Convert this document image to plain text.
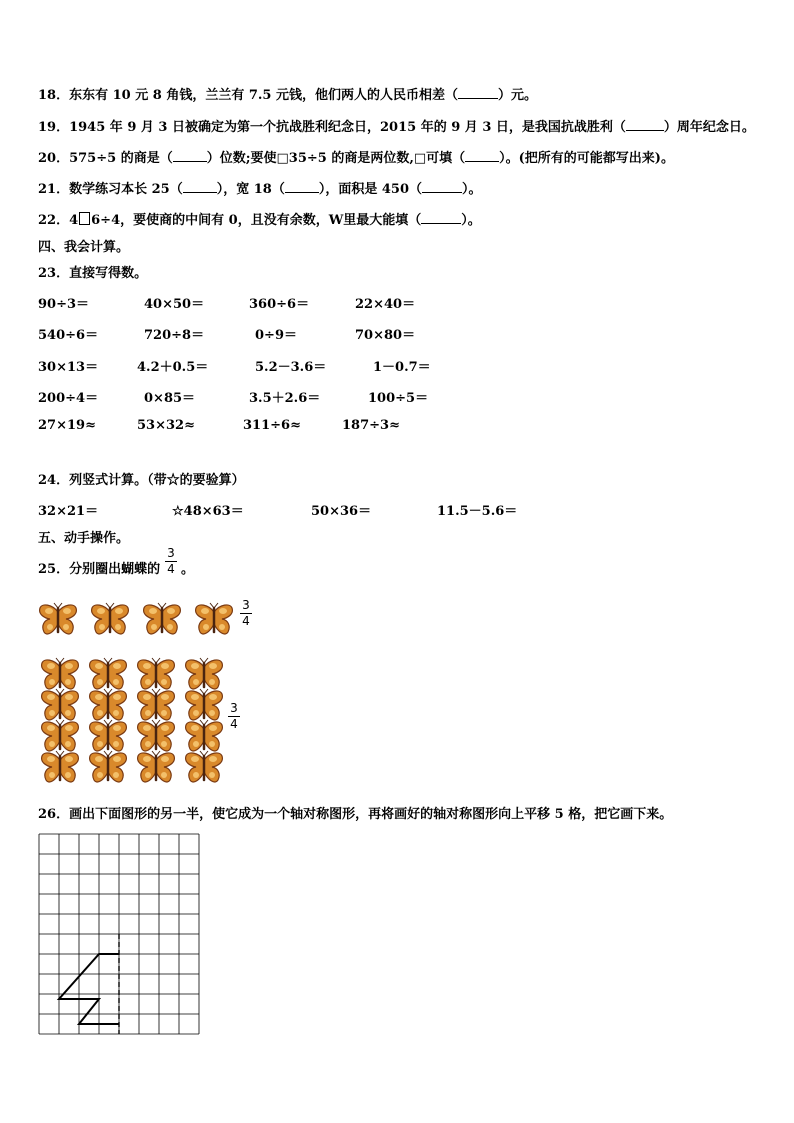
18．东东有 10 元 8 角钱，兰兰有 7.5 元钱，他们两人的人民币相差（	）元。
19．1945 年 9 月 3 日被确定为第一个抗战胜利纪念日，2015 年的 9 月 3 日，是我国抗战胜利（	）周年纪念日。
20．575÷5 的商是（	）位数;要使□35÷5 的商是两位数,□可填（	）。(把所有的可能都写出来)。
21．数学练习本长 25（	），宽 18（	），面积是 450（	）。
22．4 6÷4，要使商的中间有 0，且没有余数，W里最大能填（	）。
四、我会计算。
23．直接写得数。
90÷3＝	40×50＝	360÷6＝	22×40＝
540÷6＝	720÷8＝	0÷9＝	70×80＝
30×13＝	4.2＋0.5＝	5.2－3.6＝	1－0.7＝
200÷4＝	0×85＝	3.5＋2.6＝	100÷5＝
27×19≈	53×32≈	311÷6≈	187÷3≈
24．列竖式计算。（带☆的要验算）
32×21＝	☆48×63＝	50×36＝	11.5－5.6＝
五、动手操作。
25．分别圈出蝴蝶的
3
4 。
3
4
3
4
26．画出下面图形的另一半，使它成为一个轴对称图形，再将画好的轴对称图形向上平移 5 格，把它画下来。
